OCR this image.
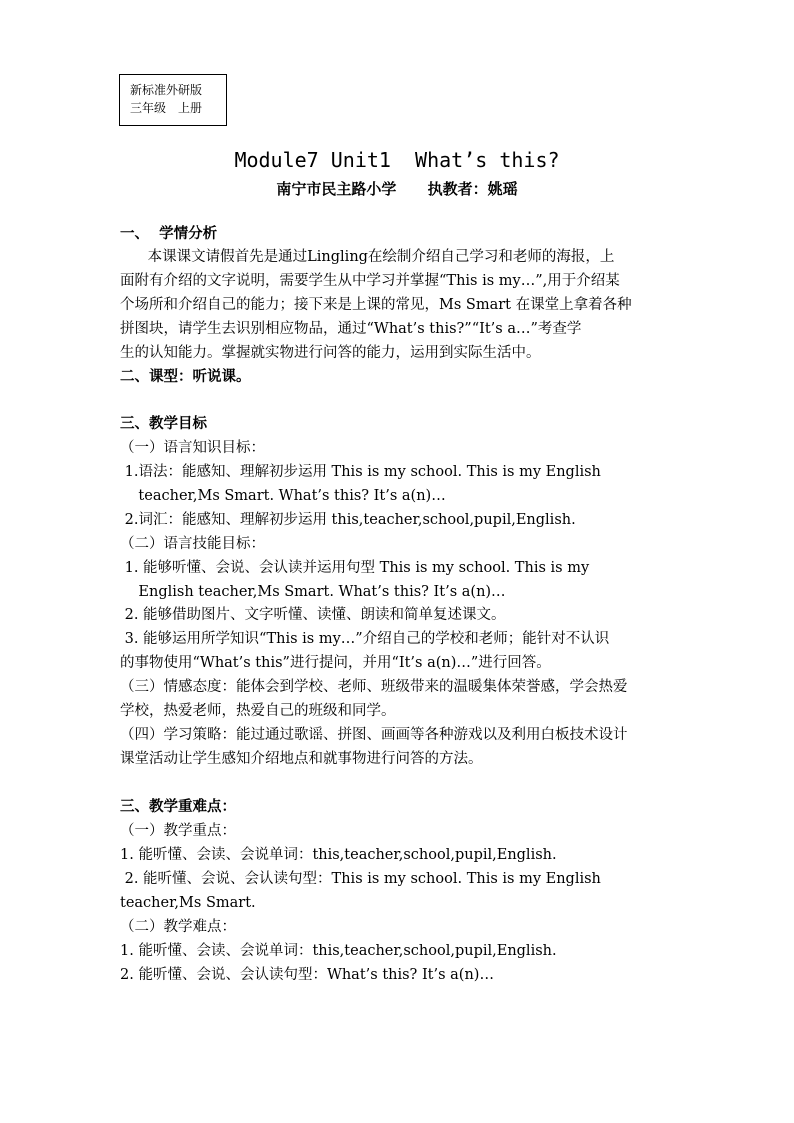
新标准外研版
三年级　上册
Module7 Unit1  What’s this?
南宁市民主路小学      执教者：姚瑶
一、  学情分析
本课课文请假首先是通过Lingling在绘制介绍自己学习和老师的海报，上
面附有介绍的文字说明，需要学生从中学习并掌握“This is my…”,用于介绍某
个场所和介绍自己的能力；接下来是上课的常见，Ms Smart 在课堂上拿着各种
拼图块，请学生去识别相应物品，通过“What’s this?”“It’s a…”考查学
生的认知能力。掌握就实物进行问答的能力，运用到实际生活中。
二、课型：听说课。
三、教学目标
（一）语言知识目标：
1.语法：能感知、理解初步运用 This is my school. This is my English
teacher,Ms Smart. What’s this? It’s a(n)…
2.词汇：能感知、理解初步运用 this,teacher,school,pupil,English.
（二）语言技能目标：
1. 能够听懂、会说、会认读并运用句型 This is my school. This is my
English teacher,Ms Smart. What’s this? It’s a(n)…
2. 能够借助图片、文字听懂、读懂、朗读和简单复述课文。
3. 能够运用所学知识“This is my…”介绍自己的学校和老师；能针对不认识
的事物使用“What’s this”进行提问，并用“It’s a(n)…”进行回答。
（三）情感态度：能体会到学校、老师、班级带来的温暖集体荣誉感，学会热爱
学校，热爱老师，热爱自己的班级和同学。
（四）学习策略：能过通过歌谣、拼图、画画等各种游戏以及利用白板技术设计
课堂活动让学生感知介绍地点和就事物进行问答的方法。
三、教学重难点：
（一）教学重点：
1. 能听懂、会读、会说单词：this,teacher,school,pupil,English.
2. 能听懂、会说、会认读句型：This is my school. This is my English
teacher,Ms Smart.
（二）教学难点：
1. 能听懂、会读、会说单词：this,teacher,school,pupil,English.
2. 能听懂、会说、会认读句型：What’s this? It’s a(n)…
